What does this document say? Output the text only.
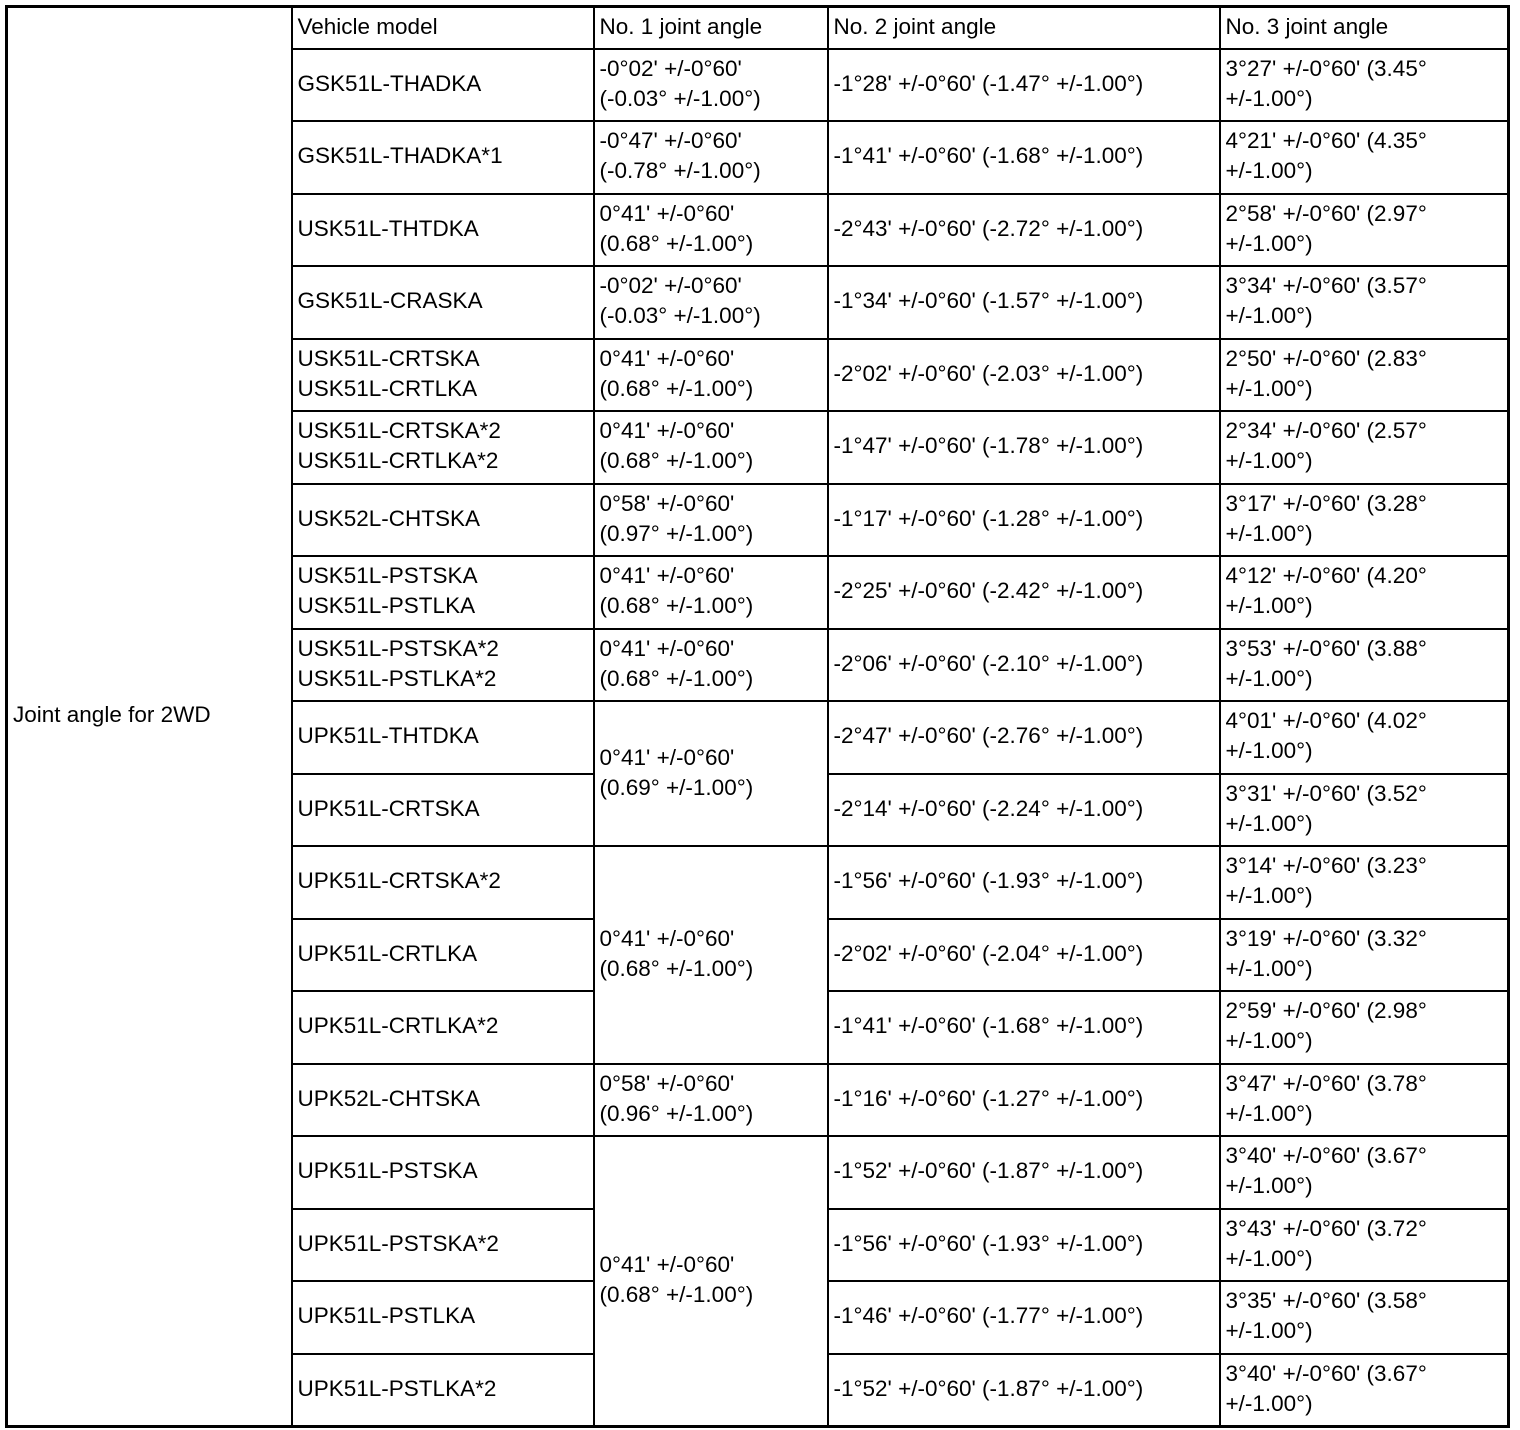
Joint angle for 2WD	Vehicle model	No. 1 joint angle	No. 2 joint angle	No. 3 joint angle
	GSK51L-THADKA	-0°02' +/-0°60'
(-0.03° +/-1.00°)	-1°28' +/-0°60' (-1.47° +/-1.00°)	3°27' +/-0°60' (3.45°
+/-1.00°)
	GSK51L-THADKA*1	-0°47' +/-0°60'
(-0.78° +/-1.00°)	-1°41' +/-0°60' (-1.68° +/-1.00°)	4°21' +/-0°60' (4.35°
+/-1.00°)
	USK51L-THTDKA	0°41' +/-0°60'
(0.68° +/-1.00°)	-2°43' +/-0°60' (-2.72° +/-1.00°)	2°58' +/-0°60' (2.97°
+/-1.00°)
	GSK51L-CRASKA	-0°02' +/-0°60'
(-0.03° +/-1.00°)	-1°34' +/-0°60' (-1.57° +/-1.00°)	3°34' +/-0°60' (3.57°
+/-1.00°)
	USK51L-CRTSKA
USK51L-CRTLKA	0°41' +/-0°60'
(0.68° +/-1.00°)	-2°02' +/-0°60' (-2.03° +/-1.00°)	2°50' +/-0°60' (2.83°
+/-1.00°)
	USK51L-CRTSKA*2
USK51L-CRTLKA*2	0°41' +/-0°60'
(0.68° +/-1.00°)	-1°47' +/-0°60' (-1.78° +/-1.00°)	2°34' +/-0°60' (2.57°
+/-1.00°)
	USK52L-CHTSKA	0°58' +/-0°60'
(0.97° +/-1.00°)	-1°17' +/-0°60' (-1.28° +/-1.00°)	3°17' +/-0°60' (3.28°
+/-1.00°)
	USK51L-PSTSKA
USK51L-PSTLKA	0°41' +/-0°60'
(0.68° +/-1.00°)	-2°25' +/-0°60' (-2.42° +/-1.00°)	4°12' +/-0°60' (4.20°
+/-1.00°)
	USK51L-PSTSKA*2
USK51L-PSTLKA*2	0°41' +/-0°60'
(0.68° +/-1.00°)	-2°06' +/-0°60' (-2.10° +/-1.00°)	3°53' +/-0°60' (3.88°
+/-1.00°)
	UPK51L-THTDKA	0°41' +/-0°60'
(0.69° +/-1.00°)	-2°47' +/-0°60' (-2.76° +/-1.00°)	4°01' +/-0°60' (4.02°
+/-1.00°)
	UPK51L-CRTSKA		-2°14' +/-0°60' (-2.24° +/-1.00°)	3°31' +/-0°60' (3.52°
+/-1.00°)
	UPK51L-CRTSKA*2	0°41' +/-0°60'
(0.68° +/-1.00°)	-1°56' +/-0°60' (-1.93° +/-1.00°)	3°14' +/-0°60' (3.23°
+/-1.00°)
	UPK51L-CRTLKA		-2°02' +/-0°60' (-2.04° +/-1.00°)	3°19' +/-0°60' (3.32°
+/-1.00°)
	UPK51L-CRTLKA*2		-1°41' +/-0°60' (-1.68° +/-1.00°)	2°59' +/-0°60' (2.98°
+/-1.00°)
	UPK52L-CHTSKA	0°58' +/-0°60'
(0.96° +/-1.00°)	-1°16' +/-0°60' (-1.27° +/-1.00°)	3°47' +/-0°60' (3.78°
+/-1.00°)
	UPK51L-PSTSKA	0°41' +/-0°60'
(0.68° +/-1.00°)	-1°52' +/-0°60' (-1.87° +/-1.00°)	3°40' +/-0°60' (3.67°
+/-1.00°)
	UPK51L-PSTSKA*2		-1°56' +/-0°60' (-1.93° +/-1.00°)	3°43' +/-0°60' (3.72°
+/-1.00°)
	UPK51L-PSTLKA		-1°46' +/-0°60' (-1.77° +/-1.00°)	3°35' +/-0°60' (3.58°
+/-1.00°)
	UPK51L-PSTLKA*2		-1°52' +/-0°60' (-1.87° +/-1.00°)	3°40' +/-0°60' (3.67°
+/-1.00°)
